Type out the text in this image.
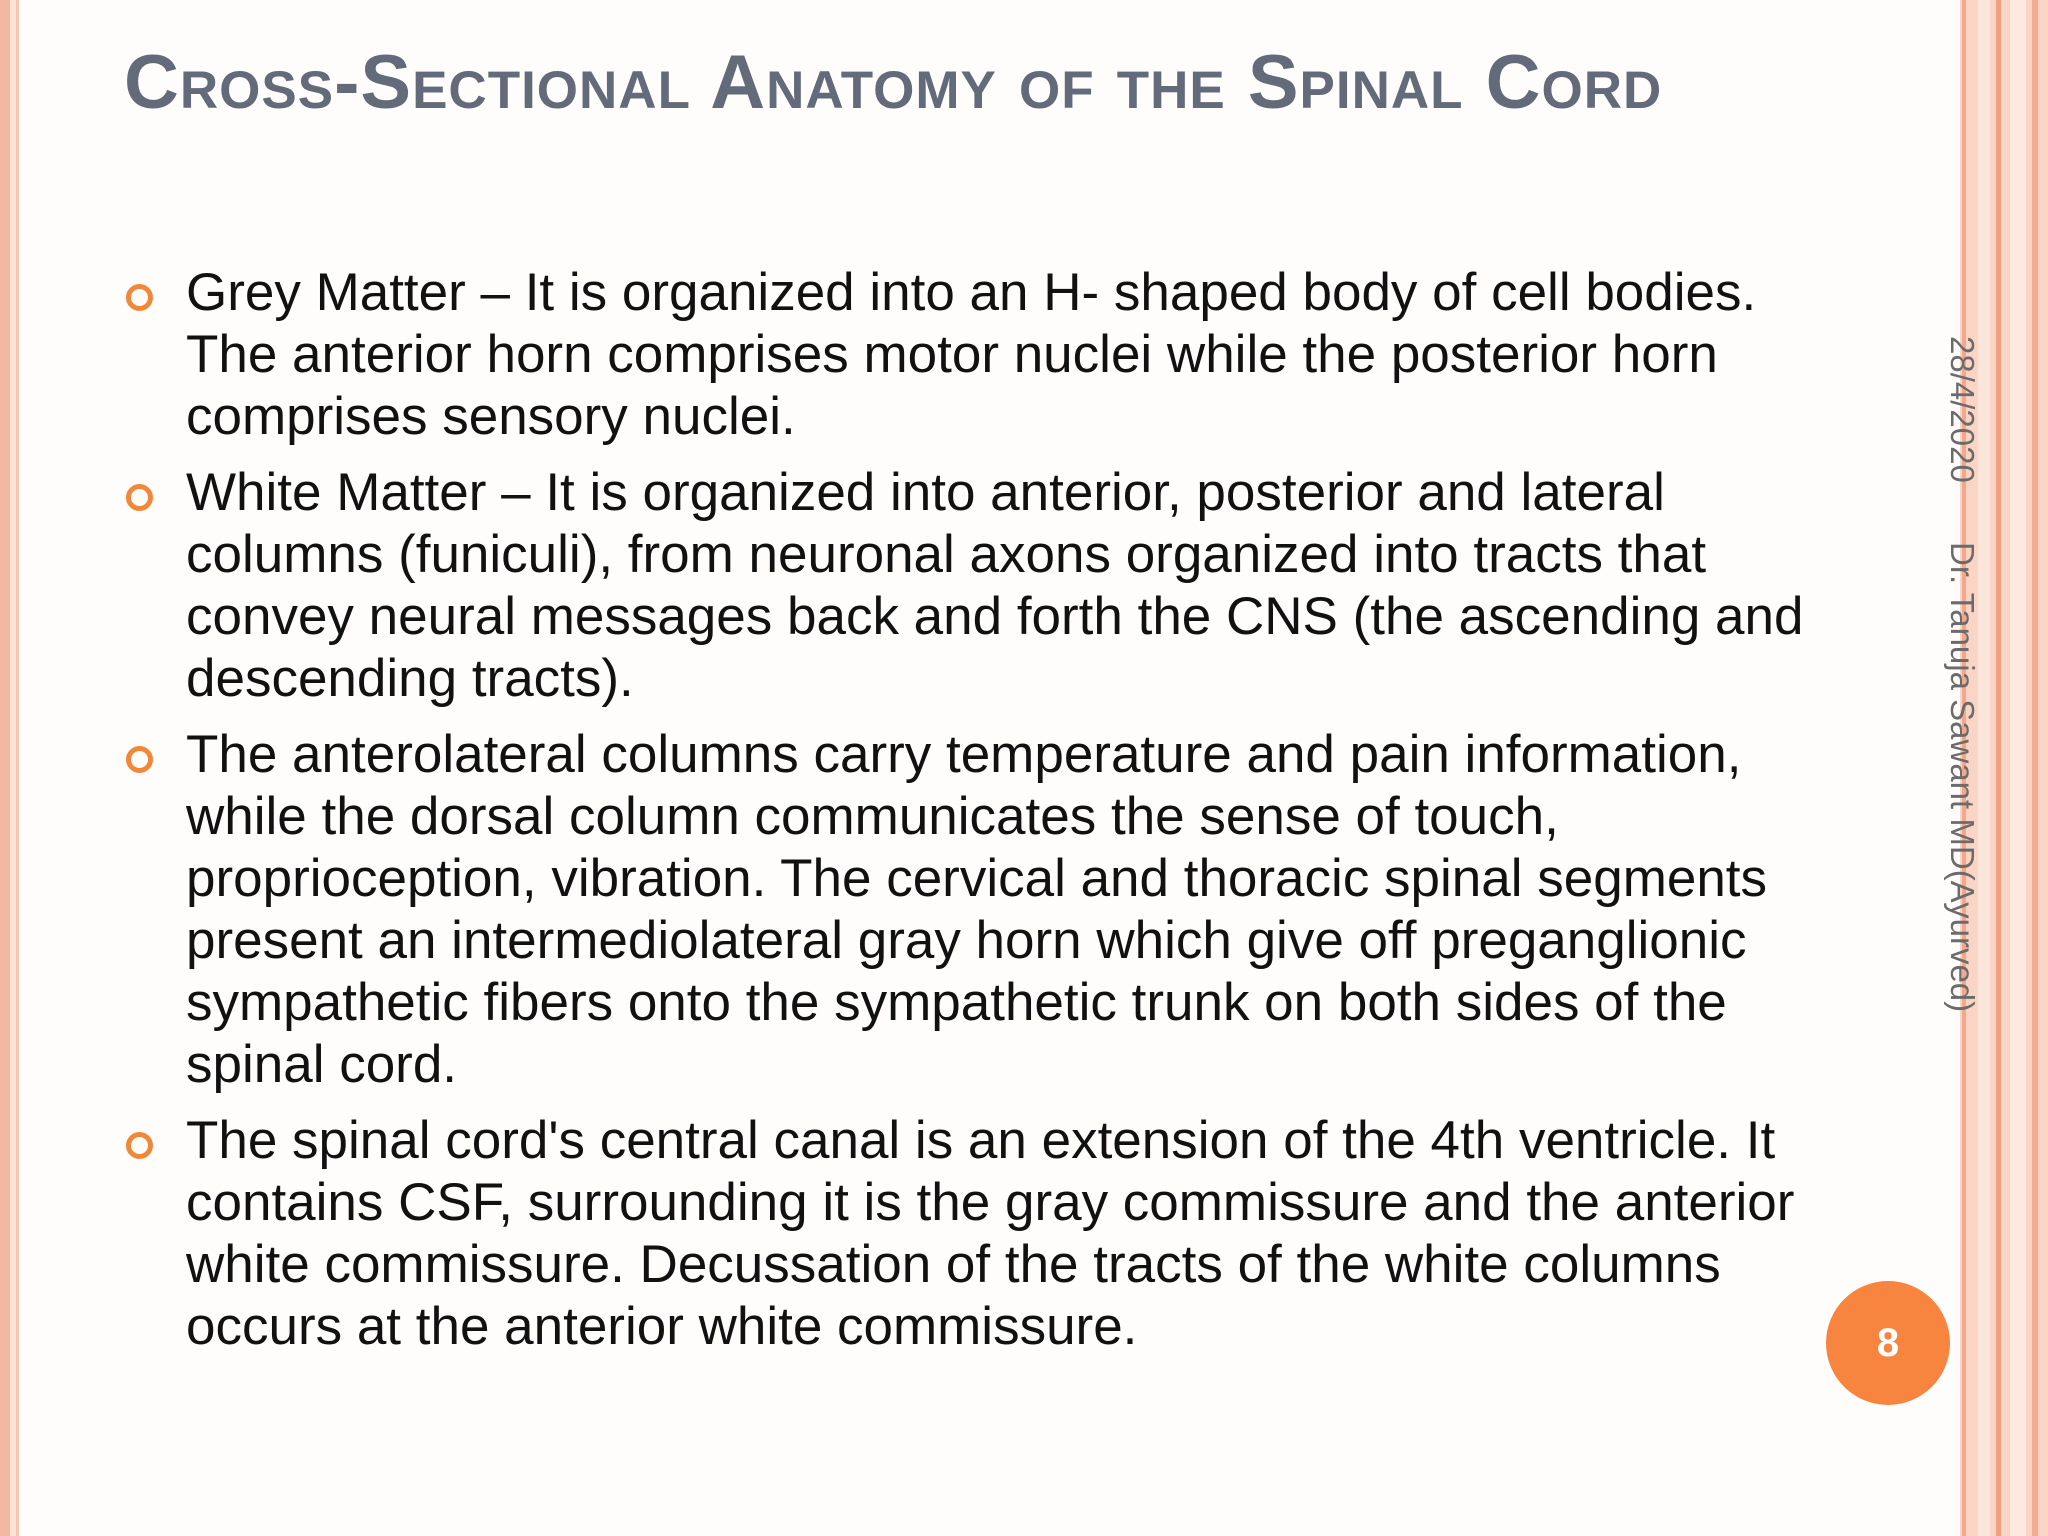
Cross-Sectional Anatomy of the Spinal Cord
Grey Matter – It is organized into an H- shaped body of cell bodies. The anterior horn comprises motor nuclei while the posterior horn comprises sensory nuclei.
White Matter – It is organized into anterior, posterior and lateral columns (funiculi), from neuronal axons organized into tracts that convey neural messages back and forth the CNS (the ascending and descending tracts).
The anterolateral columns carry temperature and pain information, while the dorsal column communicates the sense of touch, proprioception, vibration. The cervical and thoracic spinal segments present an intermediolateral gray horn which give off preganglionic sympathetic fibers onto the sympathetic trunk on both sides of the spinal cord.
The spinal cord's central canal is an extension of the 4th ventricle. It contains CSF, surrounding it is the gray commissure and the anterior white commissure. Decussation of the tracts of the white columns occurs at the anterior white commissure.
28/4/2020 Dr. Tanuja Sawant MD(Ayurved)
8
